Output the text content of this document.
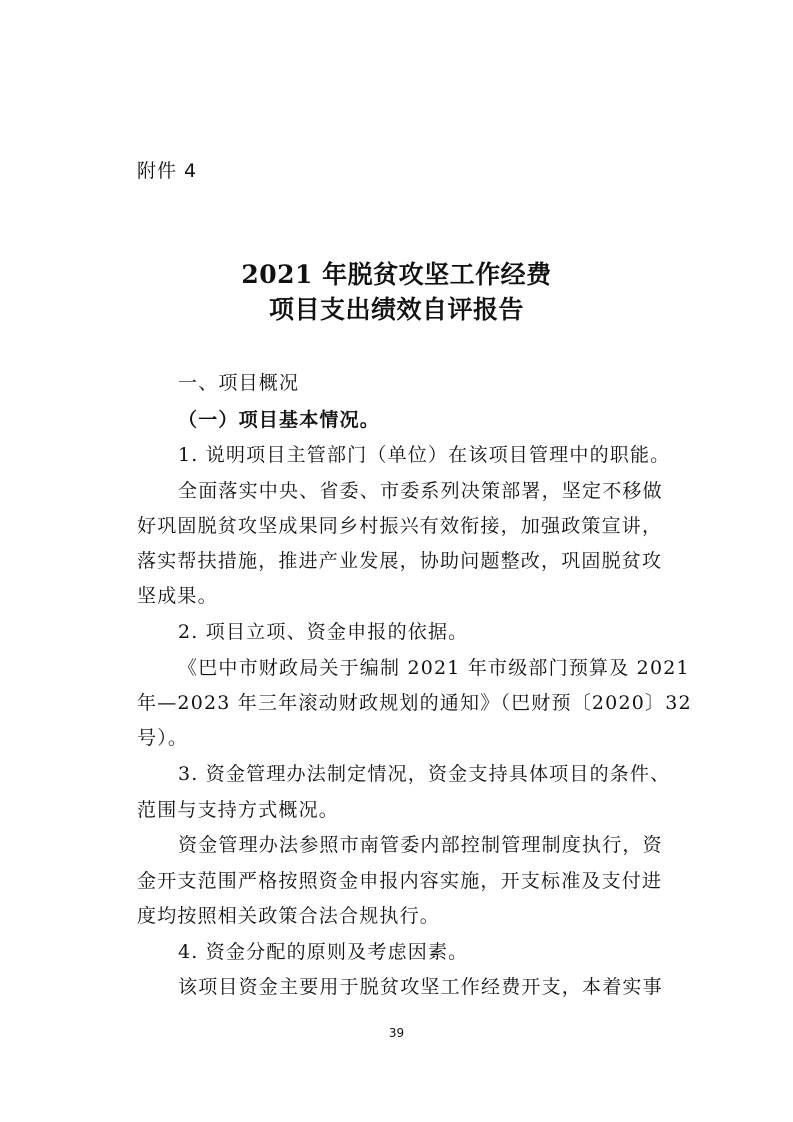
附件 4
2021 年脱贫攻坚工作经费
项目支出绩效自评报告
一、项目概况
（一）项目基本情况。
1. 说明项目主管部门（单位）在该项目管理中的职能。
全面落实中央、省委、市委系列决策部署，坚定不移做
好巩固脱贫攻坚成果同乡村振兴有效衔接，加强政策宣讲，
落实帮扶措施，推进产业发展，协助问题整改，巩固脱贫攻
坚成果。
2. 项目立项、资金申报的依据。
《巴中市财政局关于编制 2021 年市级部门预算及 2021
年—2023 年三年滚动财政规划的通知》（巴财预〔2020〕32
号）。
3. 资金管理办法制定情况，资金支持具体项目的条件、
范围与支持方式概况。
资金管理办法参照市南管委内部控制管理制度执行，资
金开支范围严格按照资金申报内容实施，开支标准及支付进
度均按照相关政策合法合规执行。
4. 资金分配的原则及考虑因素。
该项目资金主要用于脱贫攻坚工作经费开支，本着实事
39
